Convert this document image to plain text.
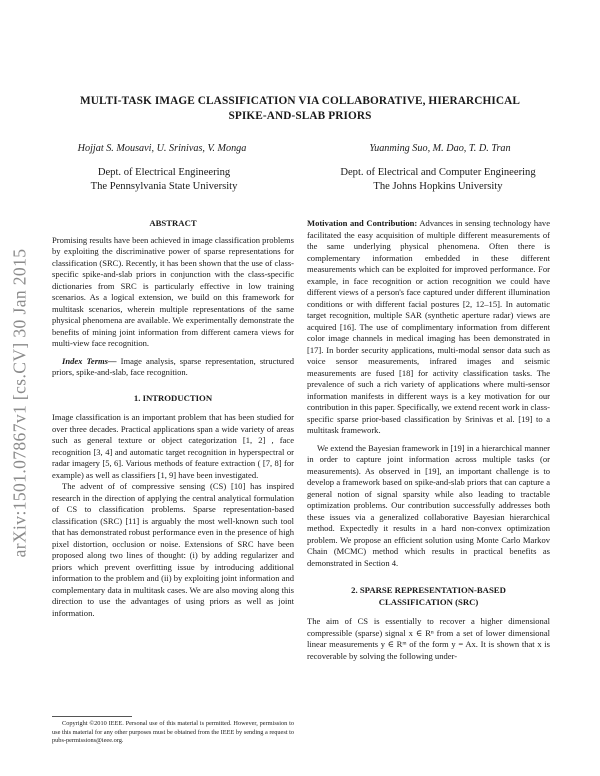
MULTI-TASK IMAGE CLASSIFICATION VIA COLLABORATIVE, HIERARCHICAL
SPIKE-AND-SLAB PRIORS
Hojjat S. Mousavi, U. Srinivas, V. Monga	Yuanming Suo, M. Dao, T. D. Tran
Dept. of Electrical Engineering
The Pennsylvania State University
Dept. of Electrical and Computer Engineering
The Johns Hopkins University
arXiv:1501.07867v1 [cs.CV] 30 Jan 2015
ABSTRACT

Promising results have been achieved in image classification problems by exploiting the discriminative power of sparse representations for classification (SRC). Recently, it has been shown that the use of class-specific spike-and-slab priors in conjunction with the class-specific dictionaries from SRC is particularly effective in low training scenarios. As a logical extension, we build on this framework for multitask scenarios, wherein multiple representations of the same physical phenomena are available. We experimentally demonstrate the benefits of mining joint information from different camera views for multi-view face recognition.

Index Terms— Image analysis, sparse representation, structured priors, spike-and-slab, face recognition.

1. INTRODUCTION

Image classification is an important problem that has been studied for over three decades. Practical applications span a wide variety of areas such as general texture or object categorization [1, 2] , face recognition [3, 4] and automatic target recognition in hyperspectral or radar imagery [5, 6]. Various methods of feature extraction ( [7, 8] for example) as well as classifiers [1, 9] have been investigated.

The advent of of compressive sensing (CS) [10] has inspired research in the direction of applying the central analytical formulation of CS to classification problems. Sparse representation-based classification (SRC) [11] is arguably the most well-known such tool that has demonstrated robust performance even in the presence of high pixel distortion, occlusion or noise. Extensions of SRC have been proposed along two lines of thought: (i) by adding regularizer and priors which prevent overfitting issue by introducing additional information to the problem and (ii) by exploiting joint information and complementary data in multitask cases. We are also moving along this direction to use the advantages of using priors as well as joint information.

Copyright ©2010 IEEE. Personal use of this material is permitted. However, permission to use this material for any other purposes must be obtained from the IEEE by sending a request to pubs-permissions@ieee.org.

Motivation and Contribution: Advances in sensing technology have facilitated the easy acquisition of multiple different measurements of the same underlying physical phenomena. Often there is complementary information embedded in these different measurements which can be exploited for improved performance. For example, in face recognition or action recognition we could have different views of a person's face captured under different illumination conditions or with different facial postures [2, 12–15]. In automatic target recognition, multiple SAR (synthetic aperture radar) views are acquired [16]. The use of complimentary information from different color image channels in medical imaging has been demonstrated in [17]. In border security applications, multi-modal sensor data such as voice sensor measurements, infrared images and seismic measurements are fused [18] for activity classification tasks. The prevalence of such a rich variety of applications where multi-sensor information manifests in different ways is a key motivation for our contribution in this paper. Specifically, we extend recent work in class-specific sparse prior-based classification by Srinivas et al. [19] to a multitask framework.

We extend the Bayesian framework in [19] in a hierarchical manner in order to capture joint information across multiple tasks (or measurements). As observed in [19], an important challenge is to develop a framework based on spike-and-slab priors that can capture a general notion of signal sparsity while also leading to tractable optimization problems. Our contribution successfully addresses both these issues via a generalized collaborative Bayesian hierarchical method. Expectedly it results in a hard non-convex optimization problem. We propose an efficient solution using Monte Carlo Markov Chain (MCMC) method which results in practical benefits as demonstrated in Section 4.

2. SPARSE REPRESENTATION-BASED
CLASSIFICATION (SRC)

The aim of CS is essentially to recover a higher dimensional compressible (sparse) signal x ∈ Rⁿ from a set of lower dimensional linear measurements y ∈ Rᵐ of the form y = Ax. It is shown that x is recoverable by solving the following under-
